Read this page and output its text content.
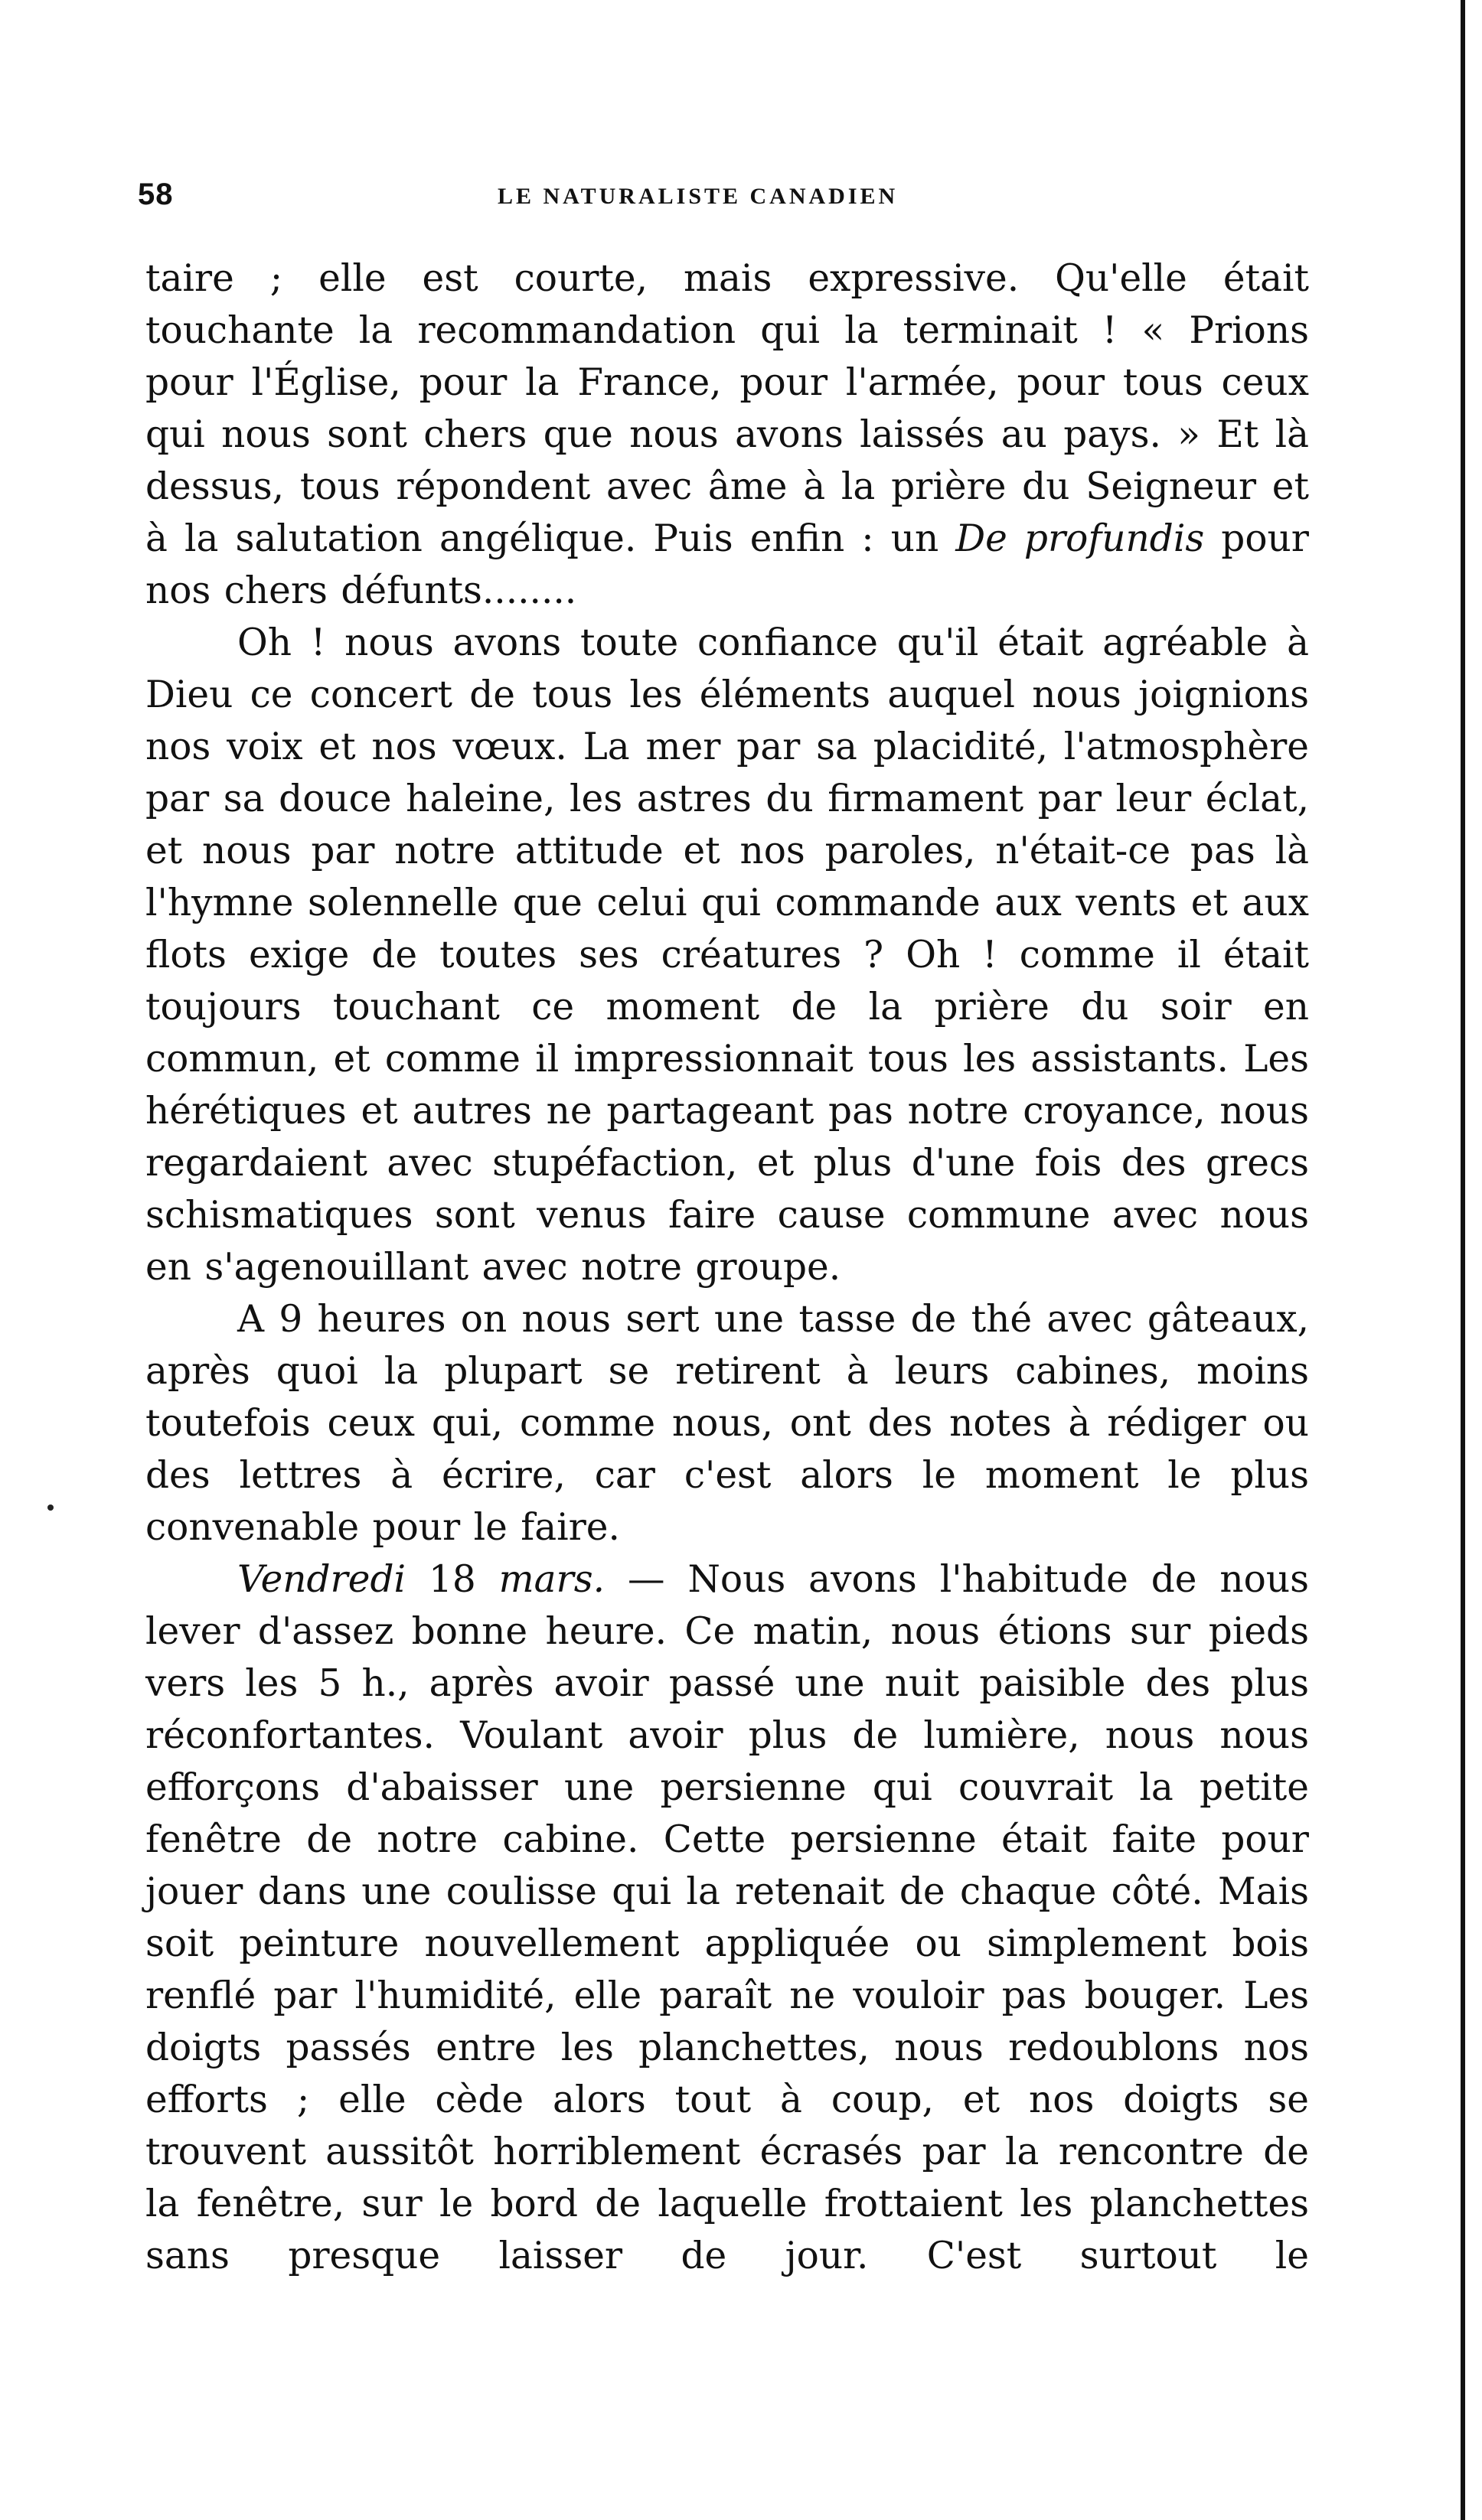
58	LE NATURALISTE CANADIEN

taire ; elle est courte, mais expressive. Qu'elle était touchante la recommandation qui la terminait ! « Prions pour l'Église, pour la France, pour l'armée, pour tous ceux qui nous sont chers que nous avons laissés au pays. » Et là dessus, tous répondent avec âme à la prière du Seigneur et à la salutation angélique. Puis enfin : un De profundis pour nos chers défunts........

Oh ! nous avons toute confiance qu'il était agréable à Dieu ce concert de tous les éléments auquel nous joignions nos voix et nos vœux. La mer par sa placidité, l'atmosphère par sa douce haleine, les astres du firmament par leur éclat, et nous par notre attitude et nos paroles, n'était-ce pas là l'hymne solennelle que celui qui commande aux vents et aux flots exige de toutes ses créatures ? Oh ! comme il était toujours touchant ce moment de la prière du soir en commun, et comme il impressionnait tous les assistants. Les hérétiques et autres ne partageant pas notre croyance, nous regardaient avec stupéfaction, et plus d'une fois des grecs schismatiques sont venus faire cause commune avec nous en s'agenouillant avec notre groupe.

A 9 heures on nous sert une tasse de thé avec gâteaux, après quoi la plupart se retirent à leurs cabines, moins toutefois ceux qui, comme nous, ont des notes à rédiger ou des lettres à écrire, car c'est alors le moment le plus convenable pour le faire.

Vendredi 18 mars. — Nous avons l'habitude de nous lever d'assez bonne heure. Ce matin, nous étions sur pieds vers les 5 h., après avoir passé une nuit paisible des plus réconfortantes. Voulant avoir plus de lumière, nous nous efforçons d'abaisser une persienne qui couvrait la petite fenêtre de notre cabine. Cette persienne était faite pour jouer dans une coulisse qui la retenait de chaque côté. Mais soit peinture nouvellement appliquée ou simplement bois renflé par l'humidité, elle paraît ne vouloir pas bouger. Les doigts passés entre les planchettes, nous redoublons nos efforts ; elle cède alors tout à coup, et nos doigts se trouvent aussitôt horriblement écrasés par la rencontre de la fenêtre, sur le bord de laquelle frottaient les planchettes sans presque laisser de jour. C'est surtout le
